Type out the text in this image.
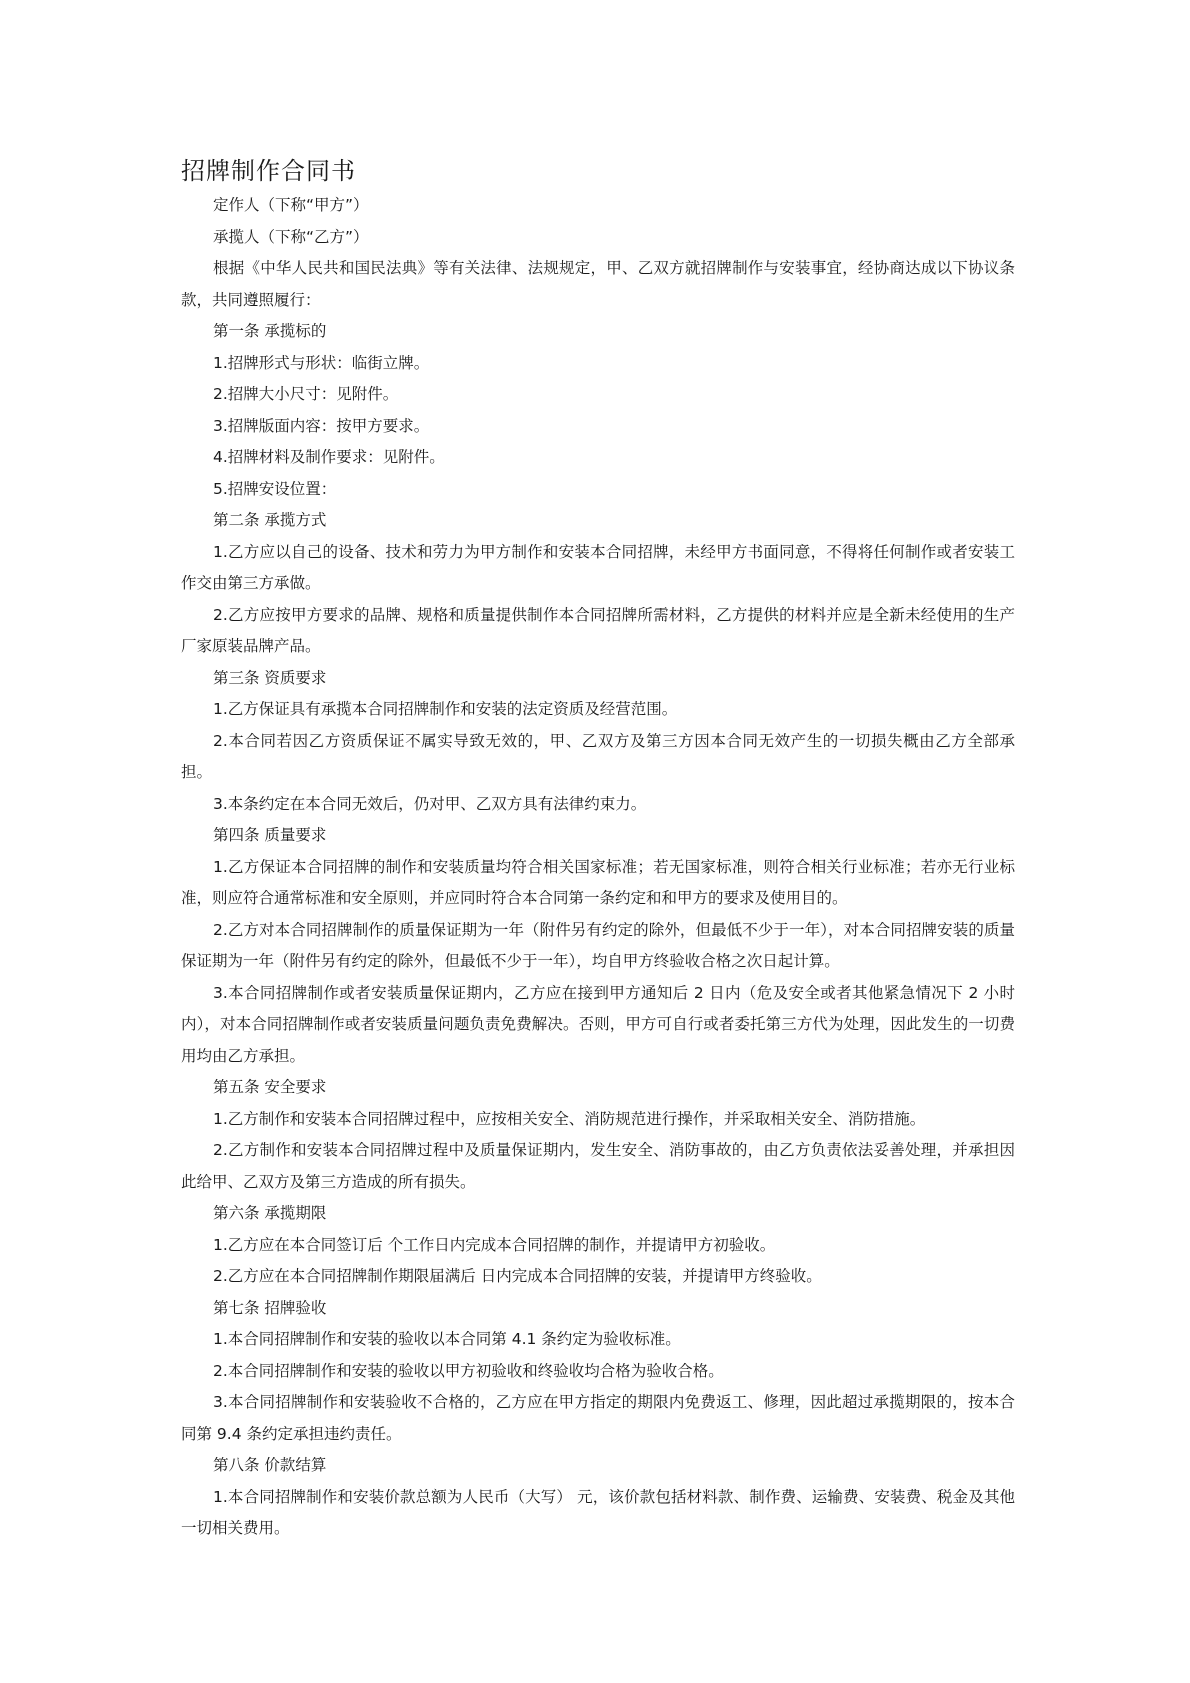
招牌制作合同书

定作人（下称“甲方”）

承揽人（下称“乙方”）

根据《中华人民共和国民法典》等有关法律、法规规定，甲、乙双方就招牌制作与安装事宜，经协商达成以下协议条款，共同遵照履行：

第一条 承揽标的

1.招牌形式与形状：临街立牌。

2.招牌大小尺寸：见附件。

3.招牌版面内容：按甲方要求。

4.招牌材料及制作要求：见附件。

5.招牌安设位置：

第二条 承揽方式

1.乙方应以自己的设备、技术和劳力为甲方制作和安装本合同招牌，未经甲方书面同意，不得将任何制作或者安装工作交由第三方承做。

2.乙方应按甲方要求的品牌、规格和质量提供制作本合同招牌所需材料，乙方提供的材料并应是全新未经使用的生产厂家原装品牌产品。

第三条 资质要求

1.乙方保证具有承揽本合同招牌制作和安装的法定资质及经营范围。

2.本合同若因乙方资质保证不属实导致无效的，甲、乙双方及第三方因本合同无效产生的一切损失概由乙方全部承担。

3.本条约定在本合同无效后，仍对甲、乙双方具有法律约束力。

第四条 质量要求

1.乙方保证本合同招牌的制作和安装质量均符合相关国家标准；若无国家标准，则符合相关行业标准；若亦无行业标准，则应符合通常标准和安全原则，并应同时符合本合同第一条约定和和甲方的要求及使用目的。

2.乙方对本合同招牌制作的质量保证期为一年（附件另有约定的除外，但最低不少于一年），对本合同招牌安装的质量保证期为一年（附件另有约定的除外，但最低不少于一年），均自甲方终验收合格之次日起计算。

3.本合同招牌制作或者安装质量保证期内，乙方应在接到甲方通知后 2 日内（危及安全或者其他紧急情况下 2 小时内），对本合同招牌制作或者安装质量问题负责免费解决。否则，甲方可自行或者委托第三方代为处理，因此发生的一切费用均由乙方承担。

第五条 安全要求

1.乙方制作和安装本合同招牌过程中，应按相关安全、消防规范进行操作，并采取相关安全、消防措施。

2.乙方制作和安装本合同招牌过程中及质量保证期内，发生安全、消防事故的，由乙方负责依法妥善处理，并承担因此给甲、乙双方及第三方造成的所有损失。

第六条 承揽期限

1.乙方应在本合同签订后 个工作日内完成本合同招牌的制作，并提请甲方初验收。

2.乙方应在本合同招牌制作期限届满后 日内完成本合同招牌的安装，并提请甲方终验收。

第七条 招牌验收

1.本合同招牌制作和安装的验收以本合同第 4.1 条约定为验收标准。

2.本合同招牌制作和安装的验收以甲方初验收和终验收均合格为验收合格。

3.本合同招牌制作和安装验收不合格的，乙方应在甲方指定的期限内免费返工、修理，因此超过承揽期限的，按本合同第 9.4 条约定承担违约责任。

第八条 价款结算

1.本合同招牌制作和安装价款总额为人民币（大写） 元，该价款包括材料款、制作费、运输费、安装费、税金及其他一切相关费用。
